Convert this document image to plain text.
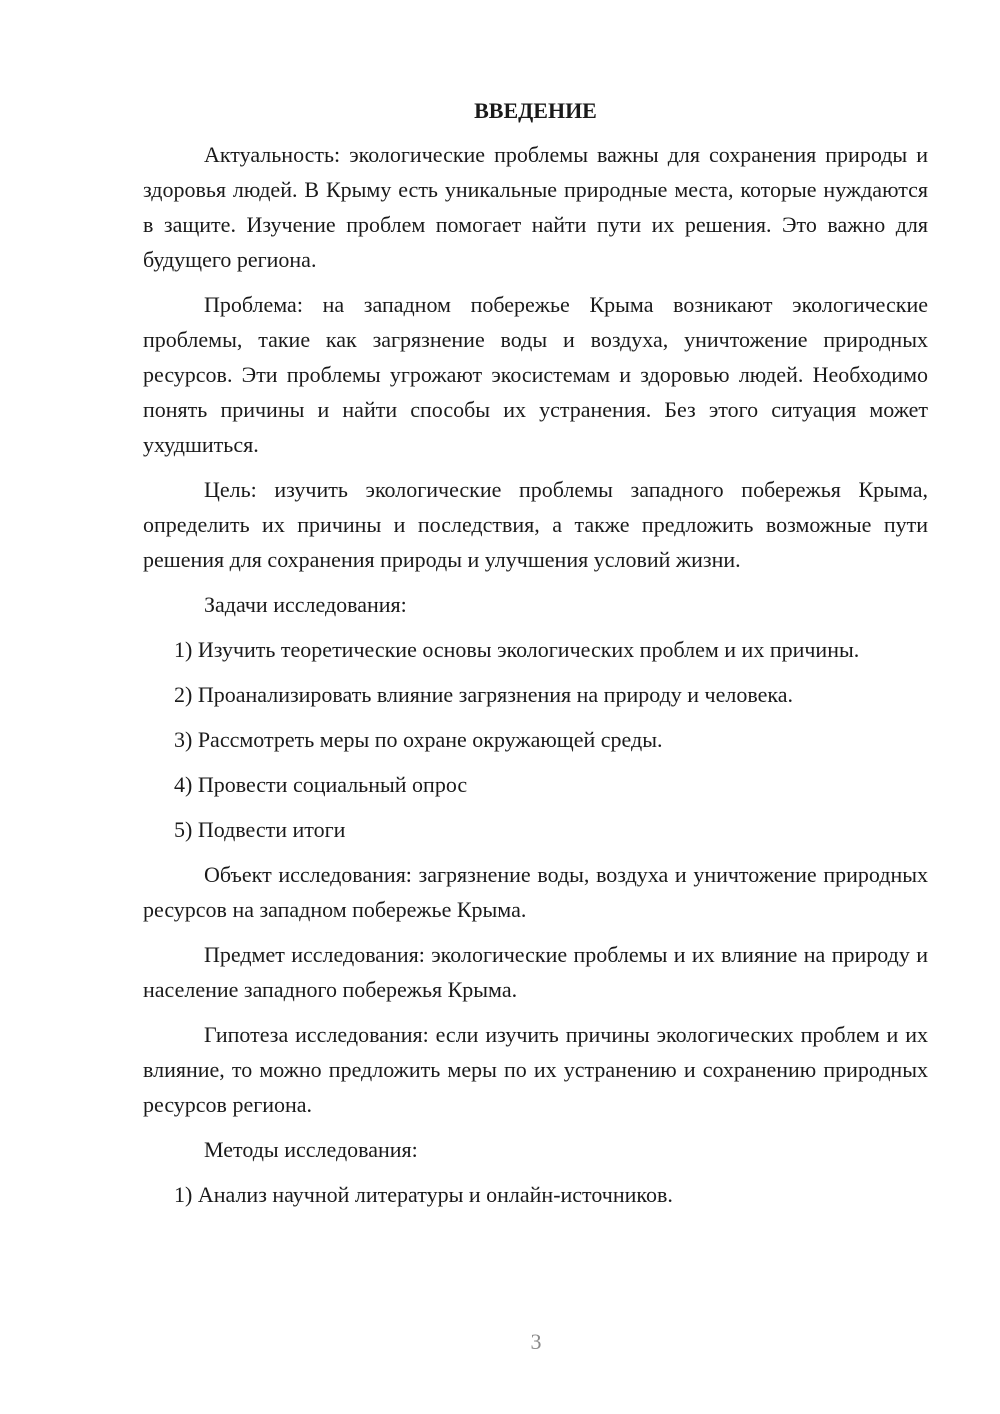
ВВЕДЕНИЕ

Актуальность: экологические проблемы важны для сохранения природы и здоровья людей. В Крыму есть уникальные природные места, которые нуждаются в защите. Изучение проблем помогает найти пути их решения. Это важно для будущего региона.

Проблема: на западном побережье Крыма возникают экологические проблемы, такие как загрязнение воды и воздуха, уничтожение природных ресурсов. Эти проблемы угрожают экосистемам и здоровью людей. Необходимо понять причины и найти способы их устранения. Без этого ситуация может ухудшиться.

Цель: изучить экологические проблемы западного побережья Крыма, определить их причины и последствия, а также предложить возможные пути решения для сохранения природы и улучшения условий жизни.

Задачи исследования:

1) Изучить теоретические основы экологических проблем и их причины.

2) Проанализировать влияние загрязнения на природу и человека.

3) Рассмотреть меры по охране окружающей среды.

4) Провести социальный опрос

5) Подвести итоги

Объект исследования: загрязнение воды, воздуха и уничтожение природных ресурсов на западном побережье Крыма.

Предмет исследования: экологические проблемы и их влияние на природу и население западного побережья Крыма.

Гипотеза исследования: если изучить причины экологических проблем и их влияние, то можно предложить меры по их устранению и сохранению природных ресурсов региона.

Методы исследования:

1) Анализ научной литературы и онлайн-источников.

3
